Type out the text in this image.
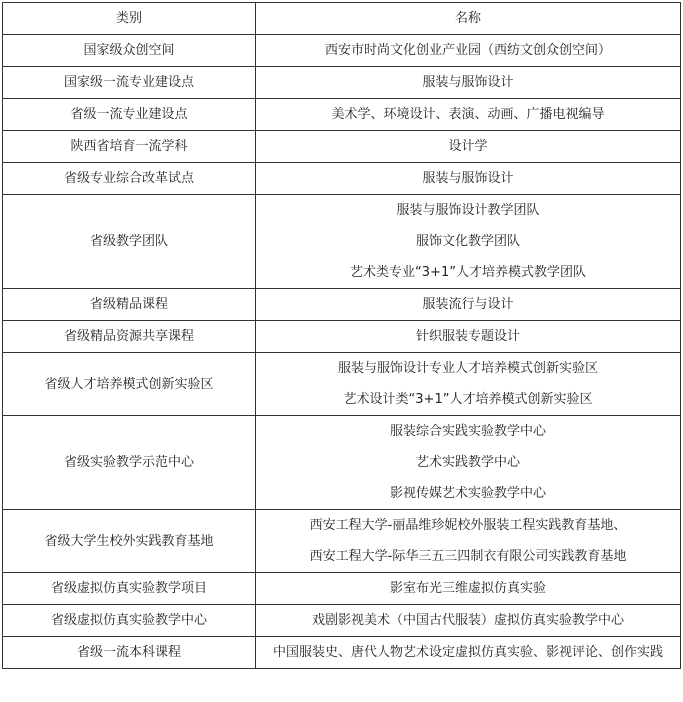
类别	名称
国家级众创空间	西安市时尚文化创业产业园（西纺文创众创空间）

国家级一流专业建设点	服装与服饰设计

省级一流专业建设点	美术学、环境设计、表演、动画、广播电视编导

陕西省培育一流学科	设计学

省级专业综合改革试点	服装与服饰设计

省级教学团队	服装与服饰设计教学团队
服饰文化教学团队
艺术类专业“3+1”人才培养模式教学团队

省级精品课程	服装流行与设计

省级精品资源共享课程	针织服装专题设计

省级人才培养模式创新实验区	服装与服饰设计专业人才培养模式创新实验区
艺术设计类“3+1”人才培养模式创新实验区

省级实验教学示范中心	服装综合实践实验教学中心
艺术实践教学中心
影视传媒艺术实验教学中心

省级大学生校外实践教育基地	西安工程大学-丽晶维珍妮校外服装工程实践教育基地、
西安工程大学-际华三五三四制衣有限公司实践教育基地

省级虚拟仿真实验教学项目	影室布光三维虚拟仿真实验

省级虚拟仿真实验教学中心	戏剧影视美术（中国古代服装）虚拟仿真实验教学中心

省级一流本科课程	中国服装史、唐代人物艺术设定虚拟仿真实验、影视评论、创作实践
